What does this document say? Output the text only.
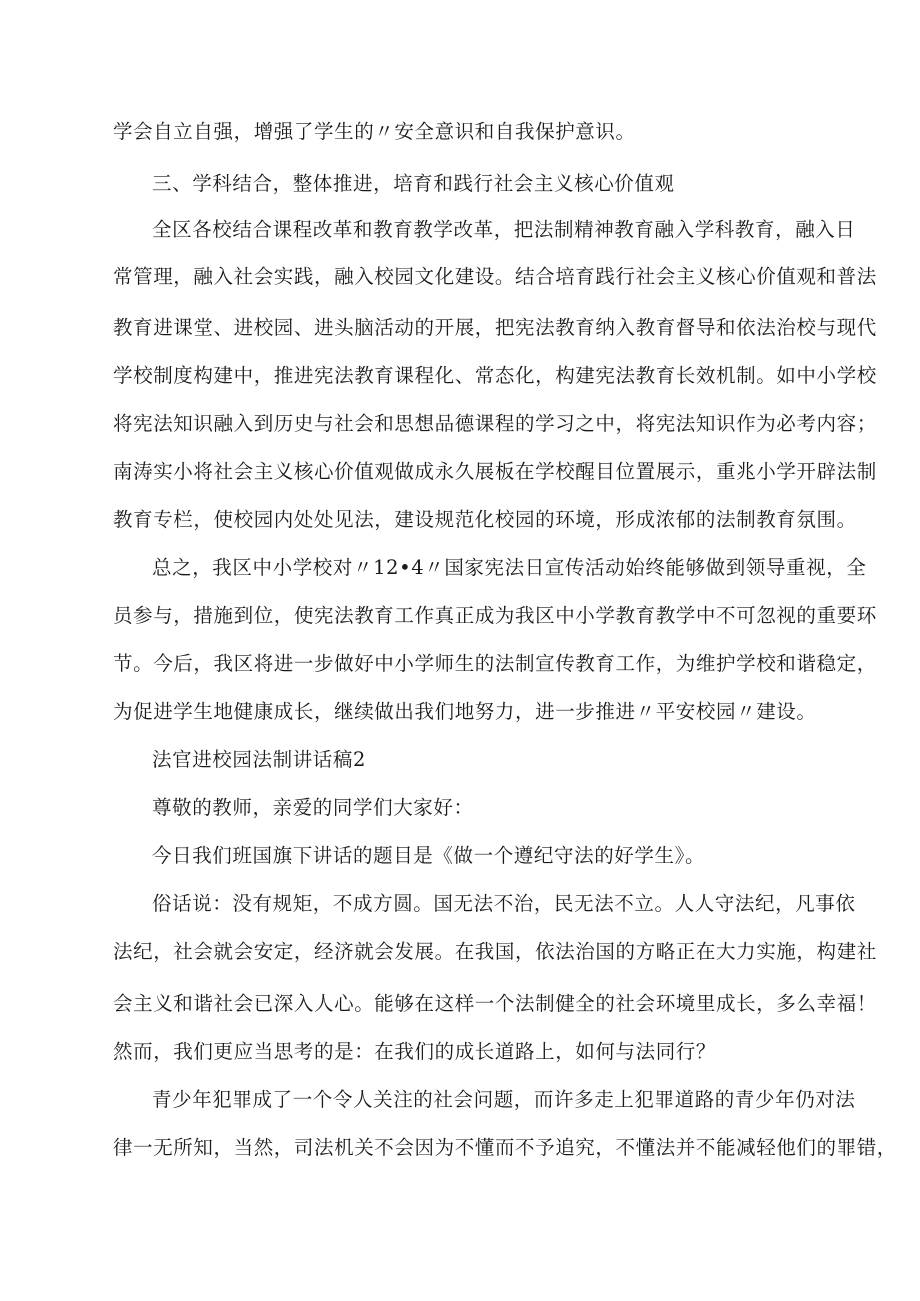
学会自立自强，增强了学生的〃安全意识和自我保护意识。
三、学科结合，整体推进，培育和践行社会主义核心价值观
全区各校结合课程改革和教育教学改革，把法制精神教育融入学科教育，融入日
常管理，融入社会实践，融入校园文化建设。结合培育践行社会主义核心价值观和普法
教育进课堂、进校园、进头脑活动的开展，把宪法教育纳入教育督导和依法治校与现代
学校制度构建中，推进宪法教育课程化、常态化，构建宪法教育长效机制。如中小学校
将宪法知识融入到历史与社会和思想品德课程的学习之中，将宪法知识作为必考内容；
南涛实小将社会主义核心价值观做成永久展板在学校醒目位置展示，重兆小学开辟法制
教育专栏，使校园内处处见法，建设规范化校园的环境，形成浓郁的法制教育氛围。
总之，我区中小学校对〃12•4〃国家宪法日宣传活动始终能够做到领导重视，全
员参与，措施到位，使宪法教育工作真正成为我区中小学教育教学中不可忽视的重要环
节。今后，我区将进一步做好中小学师生的法制宣传教育工作，为维护学校和谐稳定，
为促进学生地健康成长，继续做出我们地努力，进一步推进〃平安校园〃建设。
法官进校园法制讲话稿2
尊敬的教师，亲爱的同学们大家好：
今日我们班国旗下讲话的题目是《做一个遵纪守法的好学生》。
俗话说：没有规矩，不成方圆。国无法不治，民无法不立。人人守法纪，凡事依
法纪，社会就会安定，经济就会发展。在我国，依法治国的方略正在大力实施，构建社
会主义和谐社会已深入人心。能够在这样一个法制健全的社会环境里成长，多么幸福！
然而，我们更应当思考的是：在我们的成长道路上，如何与法同行？
青少年犯罪成了一个令人关注的社会问题，而许多走上犯罪道路的青少年仍对法
律一无所知，当然，司法机关不会因为不懂而不予追究，不懂法并不能减轻他们的罪错，
